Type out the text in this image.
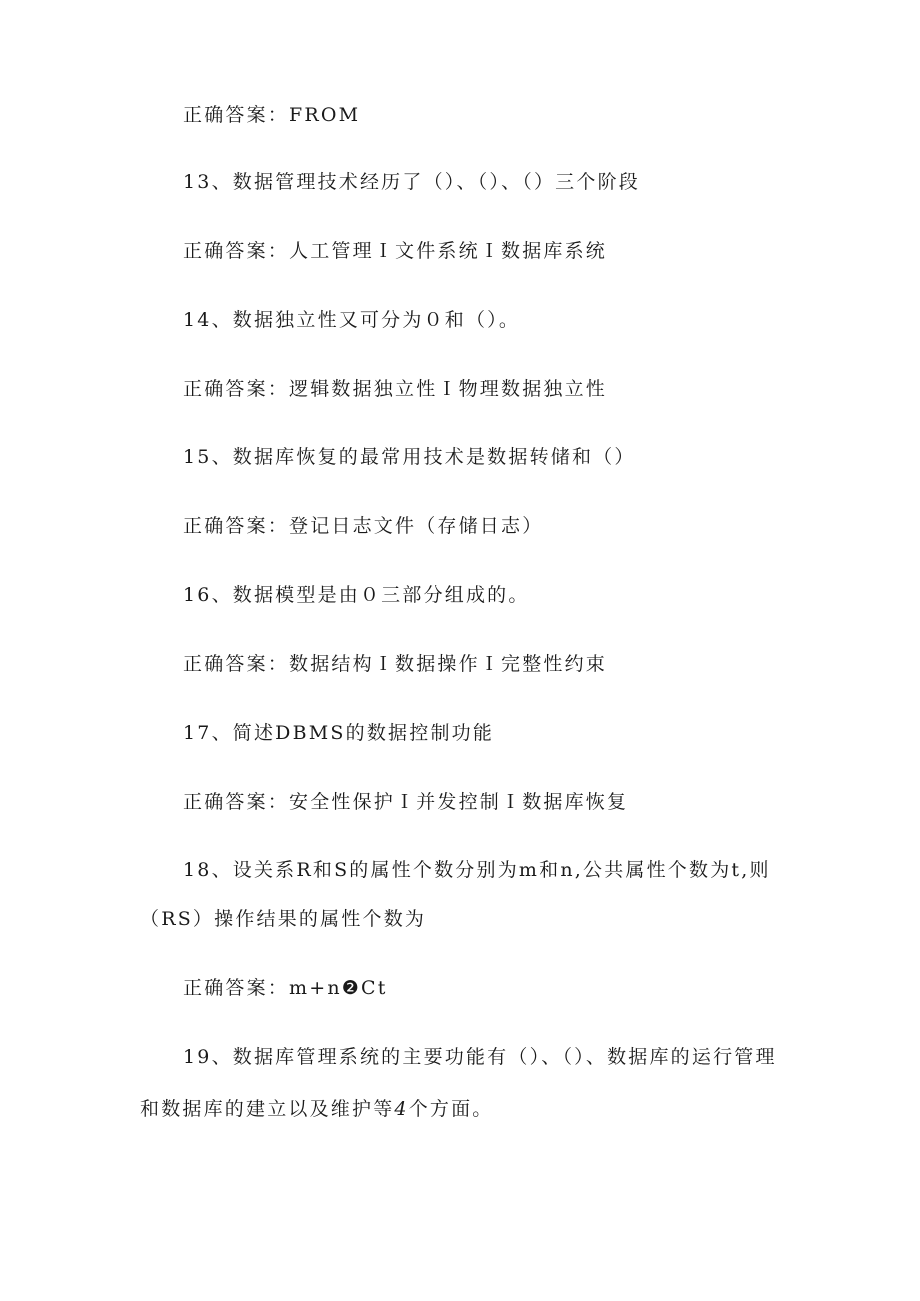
正确答案：FROM
13、数据管理技术经历了（）、（）、（）三个阶段
正确答案：人工管理Ｉ文件系统Ｉ数据库系统
14、数据独立性又可分为０和（）。
正确答案：逻辑数据独立性Ｉ物理数据独立性
15、数据库恢复的最常用技术是数据转储和（）
正确答案：登记日志文件（存储日志）
16、数据模型是由０三部分组成的。
正确答案：数据结构Ｉ数据操作Ｉ完整性约束
17、简述DBMS的数据控制功能
正确答案：安全性保护Ｉ并发控制Ｉ数据库恢复
18、设关系R和S的属性个数分别为m和n,公共属性个数为t,则
（RS）操作结果的属性个数为
正确答案：m+n❷Ct
19、数据库管理系统的主要功能有（）、（）、数据库的运行管理
和数据库的建立以及维护等4个方面。
